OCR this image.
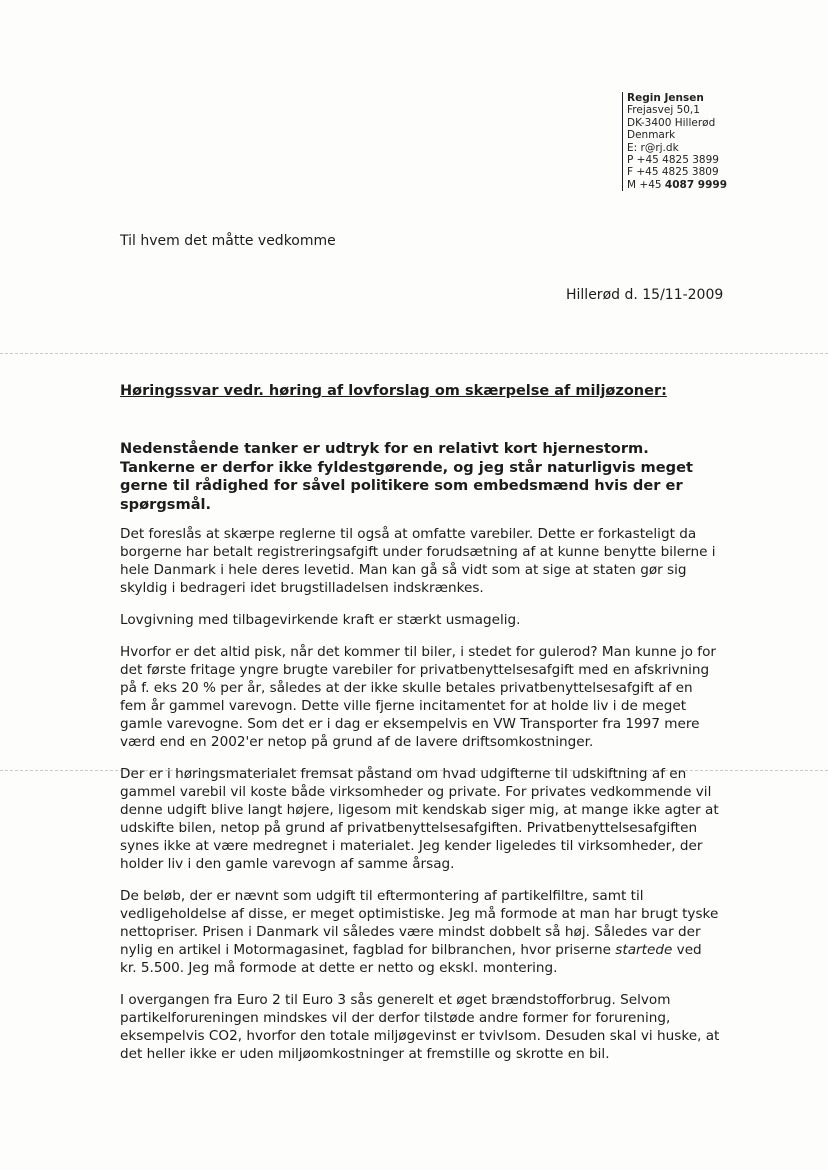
Regin Jensen
Frejasvej 50,1
DK-3400 Hillerød
Denmark
E: r@rj.dk
P +45 4825 3899
F +45 4825 3809
M +45 4087 9999
Til hvem det måtte vedkomme
Hillerød d. 15/11-2009
Høringssvar vedr. høring af lovforslag om skærpelse af miljøzoner:

Nedenstående tanker er udtryk for en relativt kort hjernestorm. Tankerne er derfor ikke fyldestgørende, og jeg står naturligvis meget gerne til rådighed for såvel politikere som embedsmænd hvis der er spørgsmål.

Det foreslås at skærpe reglerne til også at omfatte varebiler. Dette er forkasteligt da borgerne har betalt registreringsafgift under forudsætning af at kunne benytte bilerne i hele Danmark i hele deres levetid. Man kan gå så vidt som at sige at staten gør sig skyldig i bedrageri idet brugstilladelsen indskrænkes.

Lovgivning med tilbagevirkende kraft er stærkt usmagelig.

Hvorfor er det altid pisk, når det kommer til biler, i stedet for gulerod? Man kunne jo for det første fritage yngre brugte varebiler for privatbenyttelsesafgift med en afskrivning på f. eks 20 % per år, således at der ikke skulle betales privatbenyttelsesafgift af en fem år gammel varevogn. Dette ville fjerne incitamentet for at holde liv i de meget gamle varevogne. Som det er i dag er eksempelvis en VW Transporter fra 1997 mere værd end en 2002'er netop på grund af de lavere driftsomkostninger.

Der er i høringsmaterialet fremsat påstand om hvad udgifterne til udskiftning af en gammel varebil vil koste både virksomheder og private. For privates vedkommende vil denne udgift blive langt højere, ligesom mit kendskab siger mig, at mange ikke agter at udskifte bilen, netop på grund af privatbenyttelsesafgiften. Privatbenyttelsesafgiften synes ikke at være medregnet i materialet. Jeg kender ligeledes til virksomheder, der holder liv i den gamle varevogn af samme årsag.

De beløb, der er nævnt som udgift til eftermontering af partikelfiltre, samt til vedligeholdelse af disse, er meget optimistiske. Jeg må formode at man har brugt tyske nettopriser. Prisen i Danmark vil således være mindst dobbelt så høj. Således var der nylig en artikel i Motormagasinet, fagblad for bilbranchen, hvor priserne startede ved kr. 5.500. Jeg må formode at dette er netto og ekskl. montering.

I overgangen fra Euro 2 til Euro 3 sås generelt et øget brændstofforbrug. Selvom partikelforureningen mindskes vil der derfor tilstøde andre former for forurening, eksempelvis CO2, hvorfor den totale miljøgevinst er tvivlsom. Desuden skal vi huske, at det heller ikke er uden miljøomkostninger at fremstille og skrotte en bil.
